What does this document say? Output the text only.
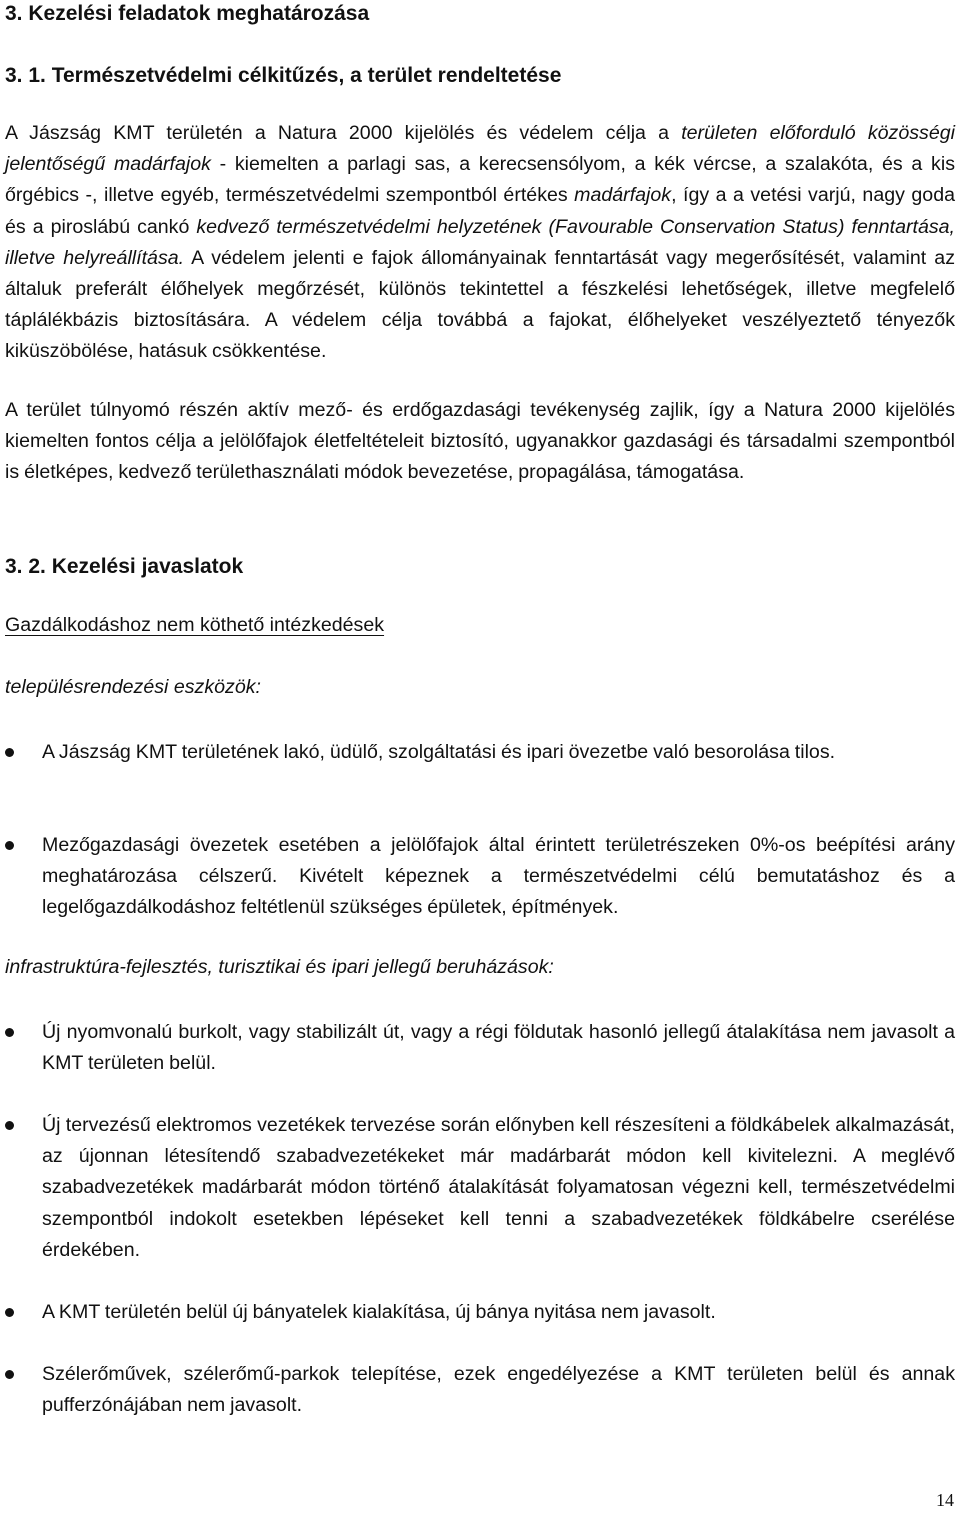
3. Kezelési feladatok meghatározása
3. 1. Természetvédelmi célkitűzés, a terület rendeltetése
A Jászság KMT területén a Natura 2000 kijelölés és védelem célja a területen előforduló közösségi jelentőségű madárfajok - kiemelten a parlagi sas, a kerecsensólyom, a kék vércse, a szalakóta, és a kis őrgébics -, illetve egyéb, természetvédelmi szempontból értékes madárfajok, így a a vetési varjú, nagy goda és a piroslábú cankó kedvező természetvédelmi helyzetének (Favourable Conservation Status) fenntartása, illetve helyreállítása. A védelem jelenti e fajok állományainak fenntartását vagy megerősítését, valamint az általuk preferált élőhelyek megőrzését, különös tekintettel a fészkelési lehetőségek, illetve megfelelő táplálékbázis biztosítására. A védelem célja továbbá a fajokat, élőhelyeket veszélyeztető tényezők kiküszöbölése, hatásuk csökkentése.
A terület túlnyomó részén aktív mező- és erdőgazdasági tevékenység zajlik, így a Natura 2000 kijelölés kiemelten fontos célja a jelölőfajok életfeltételeit biztosító, ugyanakkor gazdasági és társadalmi szempontból is életképes, kedvező területhasználati módok bevezetése, propagálása, támogatása.
3. 2. Kezelési javaslatok
Gazdálkodáshoz nem köthető intézkedések
településrendezési eszközök:
A Jászság KMT területének lakó, üdülő, szolgáltatási és ipari övezetbe való besorolása tilos.
Mezőgazdasági övezetek esetében a jelölőfajok által érintett területrészeken 0%-os beépítési arány meghatározása célszerű. Kivételt képeznek a természetvédelmi célú bemutatáshoz és a legelőgazdálkodáshoz feltétlenül szükséges épületek, építmények.
infrastruktúra-fejlesztés, turisztikai és ipari jellegű beruházások:
Új nyomvonalú burkolt, vagy stabilizált út, vagy a régi földutak hasonló jellegű átalakítása nem javasolt a KMT területen belül.
Új tervezésű elektromos vezetékek tervezése során előnyben kell részesíteni a földkábelek alkalmazását, az újonnan létesítendő szabadvezetékeket már madárbarát módon kell kivitelezni. A meglévő szabadvezetékek madárbarát módon történő átalakítását folyamatosan végezni kell, természetvédelmi szempontból indokolt esetekben lépéseket kell tenni a szabadvezetékek földkábelre cserélése érdekében.
A KMT területén belül új bányatelek kialakítása, új bánya nyitása nem javasolt.
Szélerőművek, szélerőmű-parkok telepítése, ezek engedélyezése a KMT területen belül és annak pufferzónájában nem javasolt.
14
